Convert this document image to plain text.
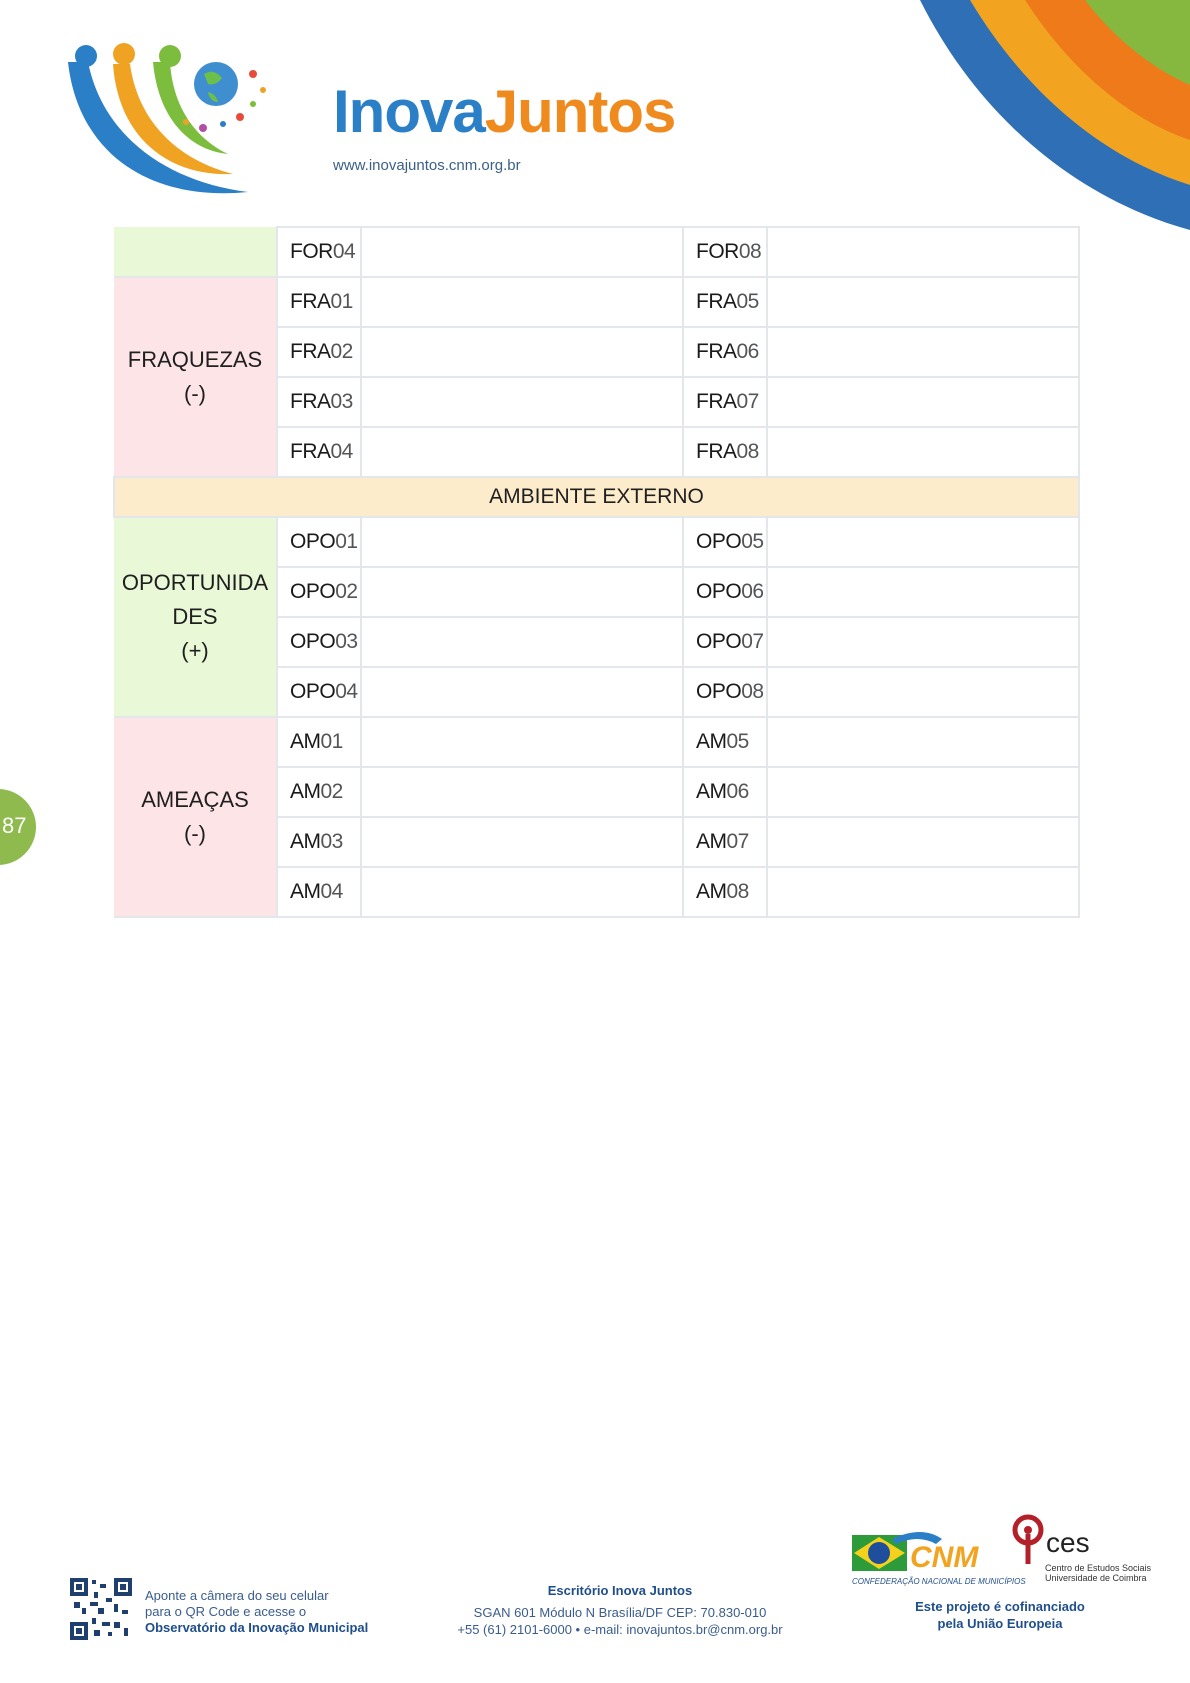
InovaJuntos
www.inovajuntos.cnm.org.br
	FOR04		FOR08	

FRAQUEZAS
(-)	FRA01		FRA05	
	FRA02		FRA06	
	FRA03		FRA07	
	FRA04		FRA08	
AMBIENTE EXTERNO				

OPORTUNIDA
DES
(+)	OPO01		OPO05	
	OPO02		OPO06	
	OPO03		OPO07	
	OPO04		OPO08	

AMEAÇAS
(-)	AM01		AM05	
	AM02		AM06	
	AM03		AM07	
	AM04		AM08	
87
Aponte a câmera do seu celular
para o QR Code e acesse o
Observatório da Inovação Municipal
Escritório Inova Juntos
SGAN 601 Módulo N Brasília/DF CEP: 70.830-010
+55 (61) 2101-6000 • e-mail: inovajuntos.br@cnm.org.br
CNM
CONFEDERAÇÃO NACIONAL DE MUNICÍPIOS
ces
Centro de Estudos Sociais
Universidade de Coimbra
Este projeto é cofinanciado
pela União Europeia
